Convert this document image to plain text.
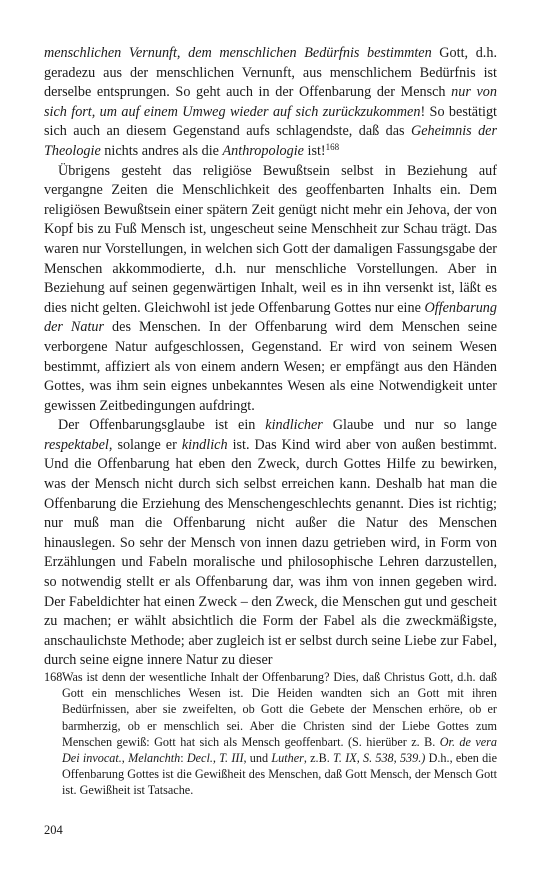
menschlichen Vernunft, dem menschlichen Bedürfnis bestimmten Gott, d.h. geradezu aus der menschlichen Vernunft, aus menschlichem Bedürfnis ist derselbe entsprungen. So geht auch in der Offenbarung der Mensch nur von sich fort, um auf einem Umweg wieder auf sich zurückzukommen! So bestätigt sich auch an diesem Gegenstand aufs schlagendste, daß das Geheimnis der Theologie nichts andres als die Anthropologie ist!$^{168}$

Übrigens gesteht das religiöse Bewußtsein selbst in Beziehung auf vergangne Zeiten die Menschlichkeit des geoffenbarten Inhalts ein. Dem religiösen Bewußtsein einer spätern Zeit genügt nicht mehr ein Jehova, der von Kopf bis zu Fuß Mensch ist, ungescheut seine Menschheit zur Schau trägt. Das waren nur Vorstellungen, in welchen sich Gott der damaligen Fassungsgabe der Menschen akkommodierte, d.h. nur menschliche Vorstellungen. Aber in Beziehung auf seinen gegenwärtigen Inhalt, weil es in ihn versenkt ist, läßt es dies nicht gelten. Gleichwohl ist jede Offenbarung Gottes nur eine Offenbarung der Natur des Menschen. In der Offenbarung wird dem Menschen seine verborgene Natur aufgeschlossen, Gegenstand. Er wird von seinem Wesen bestimmt, affiziert als von einem andern Wesen; er empfängt aus den Händen Gottes, was ihm sein eignes unbekanntes Wesen als eine Notwendigkeit unter gewissen Zeitbedingungen aufdringt.

Der Offenbarungsglaube ist ein kindlicher Glaube und nur so lange respektabel, solange er kindlich ist. Das Kind wird aber von außen bestimmt. Und die Offenbarung hat eben den Zweck, durch Gottes Hilfe zu bewirken, was der Mensch nicht durch sich selbst erreichen kann. Deshalb hat man die Offenbarung die Erziehung des Menschengeschlechts genannt. Dies ist richtig; nur muß man die Offenbarung nicht außer die Natur des Menschen hinauslegen. So sehr der Mensch von innen dazu getrieben wird, in Form von Erzählungen und Fabeln moralische und philosophische Lehren darzustellen, so notwendig stellt er als Offenbarung dar, was ihm von innen gegeben wird. Der Fabeldichter hat einen Zweck – den Zweck, die Menschen gut und gescheit zu machen; er wählt absichtlich die Form der Fabel als die zweckmäßigste, anschaulichste Methode; aber zugleich ist er selbst durch seine Liebe zur Fabel, durch seine eigne innere Natur zu dieser

168 Was ist denn der wesentliche Inhalt der Offenbarung? Dies, daß Christus Gott, d.h. daß Gott ein menschliches Wesen ist. Die Heiden wandten sich an Gott mit ihren Bedürfnissen, aber sie zweifelten, ob Gott die Gebete der Menschen erhöre, ob er barmherzig, ob er menschlich sei. Aber die Christen sind der Liebe Gottes zum Menschen gewiß: Gott hat sich als Mensch geoffenbart. (S. hierüber z. B. Or. de vera Dei invocat., Melanchth: Decl., T. III, und Luther, z.B. T. IX, S. 538, 539.) D.h., eben die Offenbarung Gottes ist die Gewißheit des Menschen, daß Gott Mensch, der Mensch Gott ist. Gewißheit ist Tatsache.
204
